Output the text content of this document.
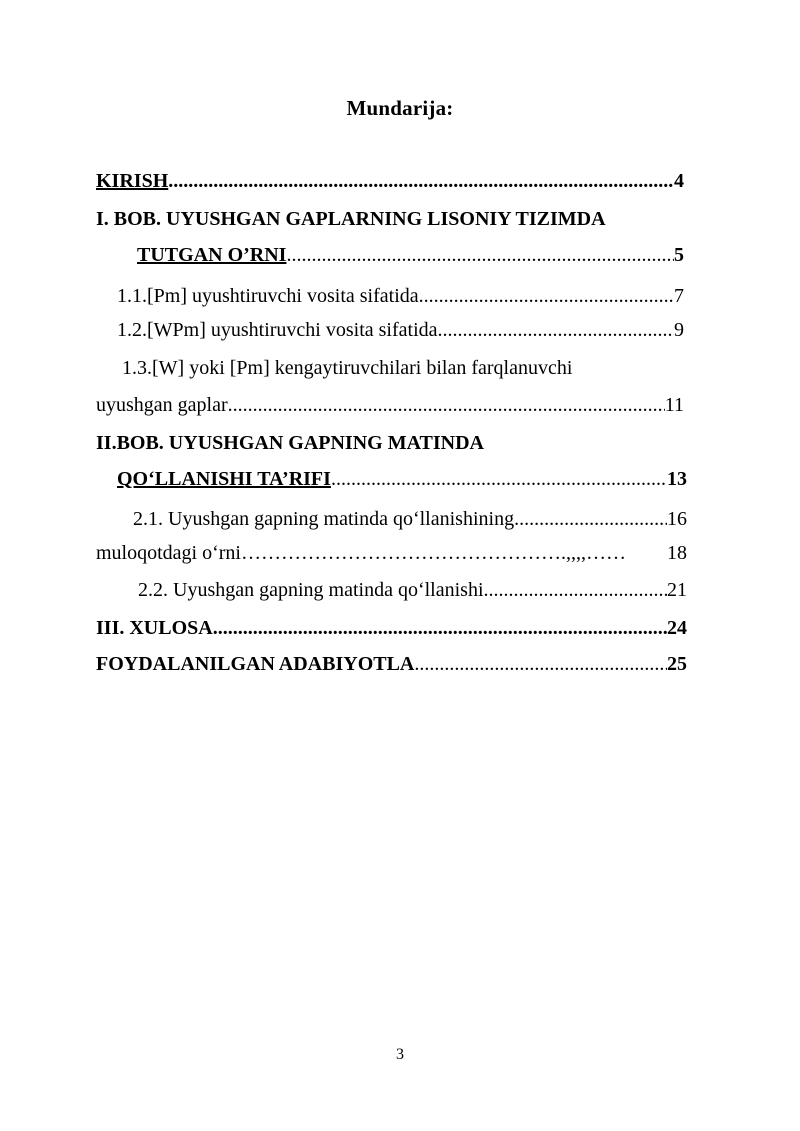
Mundarija:
KIRISH .....	4
I. BOB. UYUSHGAN GAPLARNING LISONIY TIZIMDA
TUTGAN O’RNI .....	5
1.1.[Pm] uyushtiruvchi vosita sifatida .....	7
1.2.[WPm] uyushtiruvchi vosita sifatida .....	9
1.3.[W] yoki [Pm] kengaytiruvchilari bilan farqlanuvchi
uyushgan gaplar .....	11
II.BOB. UYUSHGAN GAPNING MATINDA
QO‘LLANISHI TA’RIFI .....	13
2.1. Uyushgan gapning matinda qo‘llanishining .....	16
muloqotdagi o‘rni ………………………………………….,,,,……	18
2.2. Uyushgan gapning matinda qo‘llanishi .....	21
III. XULOSA .....	24
FOYDALANILGAN ADABIYOTLA .....	25
3
